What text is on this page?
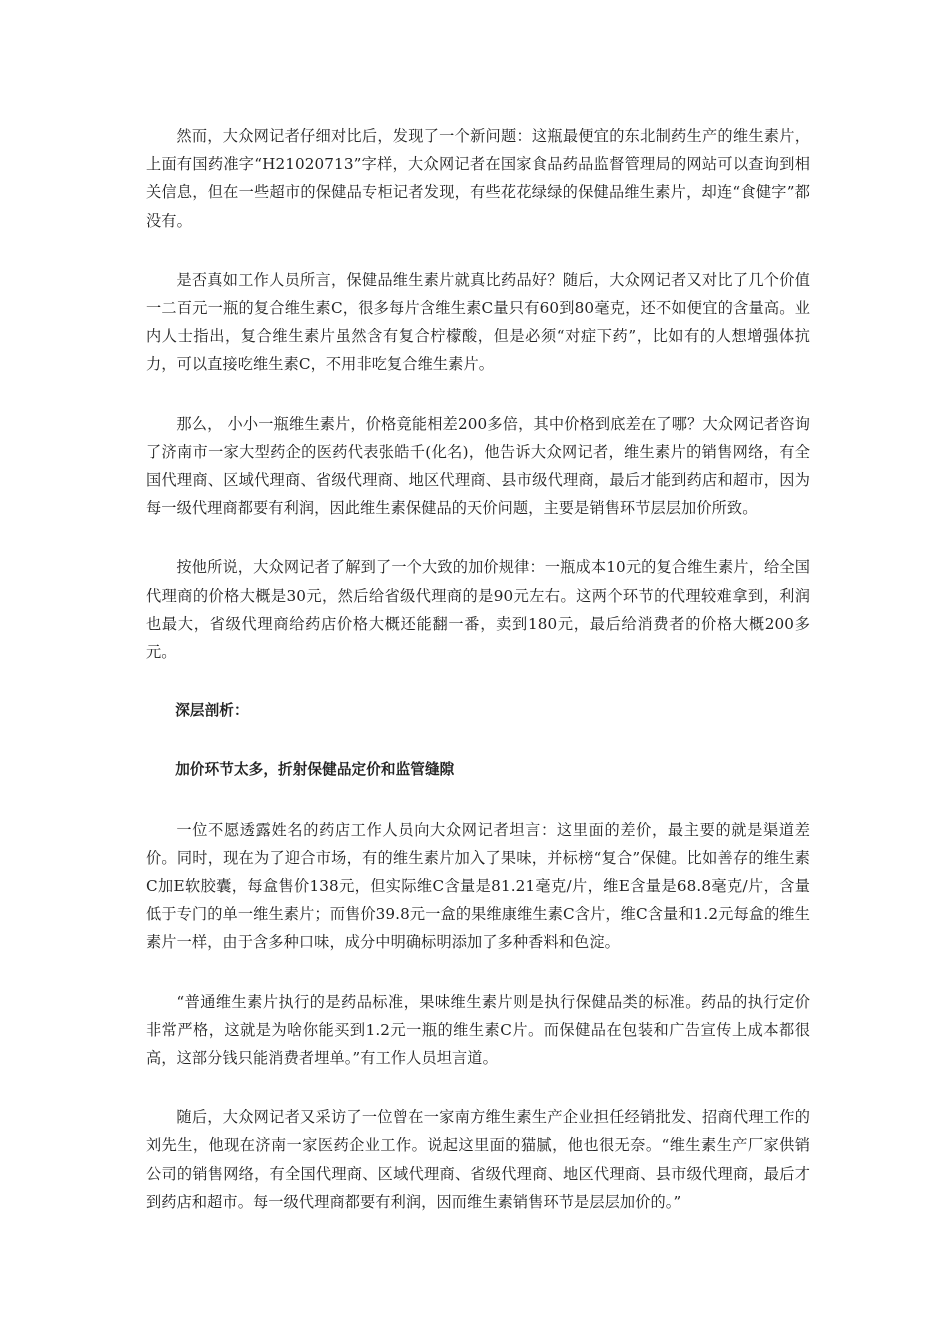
然而，大众网记者仔细对比后，发现了一个新问题：这瓶最便宜的东北制药生产的维生素片，上面有国药准字“H21020713”字样，大众网记者在国家食品药品监督管理局的网站可以查询到相关信息，但在一些超市的保健品专柜记者发现，有些花花绿绿的保健品维生素片，却连“食健字”都没有。

是否真如工作人员所言，保健品维生素片就真比药品好？随后，大众网记者又对比了几个价值一二百元一瓶的复合维生素C，很多每片含维生素C量只有60到80毫克，还不如便宜的含量高。业内人士指出，复合维生素片虽然含有复合柠檬酸，但是必须“对症下药”，比如有的人想增强体抗力，可以直接吃维生素C，不用非吃复合维生素片。

那么， 小小一瓶维生素片，价格竟能相差200多倍，其中价格到底差在了哪？大众网记者咨询了济南市一家大型药企的医药代表张皓千(化名)，他告诉大众网记者，维生素片的销售网络，有全国代理商、区域代理商、省级代理商、地区代理商、县市级代理商，最后才能到药店和超市，因为每一级代理商都要有利润，因此维生素保健品的天价问题，主要是销售环节层层加价所致。

按他所说，大众网记者了解到了一个大致的加价规律：一瓶成本10元的复合维生素片，给全国代理商的价格大概是30元，然后给省级代理商的是90元左右。这两个环节的代理较难拿到，利润也最大，省级代理商给药店价格大概还能翻一番，卖到180元，最后给消费者的价格大概200多元。

深层剖析：

加价环节太多，折射保健品定价和监管缝隙

一位不愿透露姓名的药店工作人员向大众网记者坦言：这里面的差价，最主要的就是渠道差价。同时，现在为了迎合市场，有的维生素片加入了果味，并标榜“复合”保健。比如善存的维生素C加E软胶囊，每盒售价138元，但实际维C含量是81.21毫克/片，维E含量是68.8毫克/片，含量低于专门的单一维生素片；而售价39.8元一盒的果维康维生素C含片，维C含量和1.2元每盒的维生素片一样，由于含多种口味，成分中明确标明添加了多种香料和色淀。

“普通维生素片执行的是药品标准，果味维生素片则是执行保健品类的标准。药品的执行定价非常严格，这就是为啥你能买到1.2元一瓶的维生素C片。而保健品在包装和广告宣传上成本都很高，这部分钱只能消费者埋单。”有工作人员坦言道。

随后，大众网记者又采访了一位曾在一家南方维生素生产企业担任经销批发、招商代理工作的刘先生，他现在济南一家医药企业工作。说起这里面的猫腻，他也很无奈。“维生素生产厂家供销公司的销售网络，有全国代理商、区域代理商、省级代理商、地区代理商、县市级代理商，最后才到药店和超市。每一级代理商都要有利润，因而维生素销售环节是层层加价的。”
